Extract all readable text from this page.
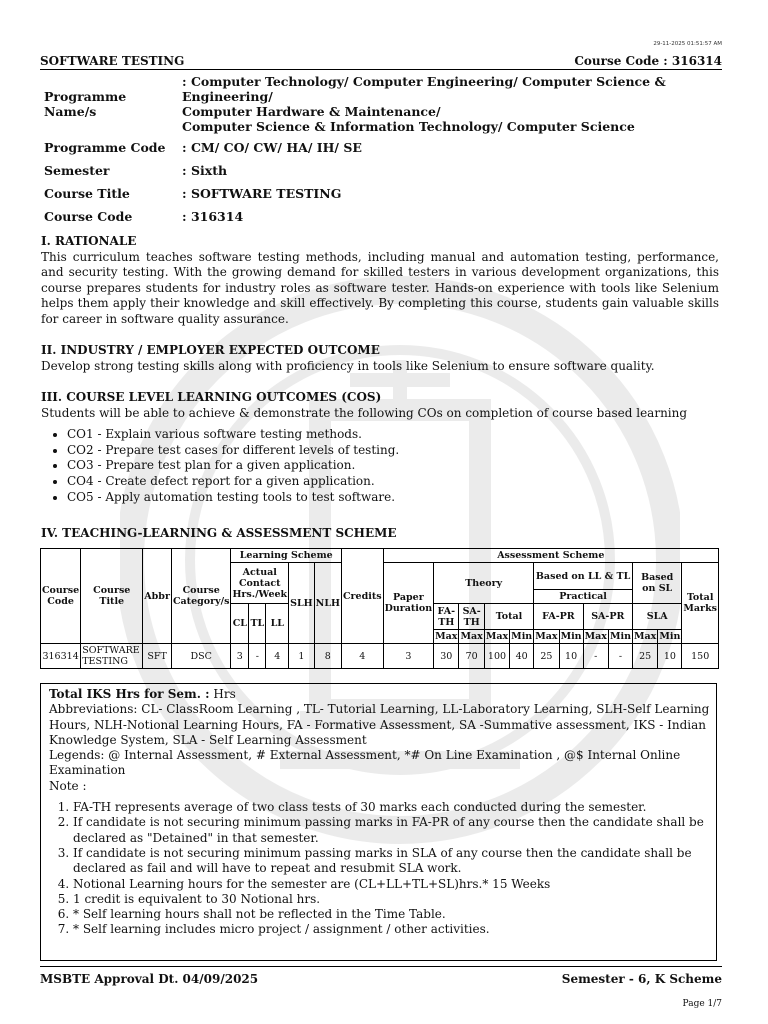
29-11-2025 01:51:57 AM
SOFTWARE TESTING	Course Code : 316314
Programme Name/s	: Computer Technology/ Computer Engineering/ Computer Science & Engineering/
Computer Hardware & Maintenance/
Computer Science & Information Technology/ Computer Science

Programme Code	: CM/ CO/ CW/ HA/ IH/ SE
Semester	: Sixth
Course Title	: SOFTWARE TESTING
Course Code	: 316314
I. RATIONALE

This curriculum teaches software testing methods, including manual and automation testing, performance, and security testing. With the growing demand for skilled testers in various development organizations, this course prepares students for industry roles as software tester. Hands-on experience with tools like Selenium helps them apply their knowledge and skill effectively. By completing this course, students gain valuable skills for career in software quality assurance.

II. INDUSTRY / EMPLOYER EXPECTED OUTCOME

Develop strong testing skills along with proficiency in tools like Selenium to ensure software quality.

III. COURSE LEVEL LEARNING OUTCOMES (COS)

Students will be able to achieve & demonstrate the following COs on completion of course based learning

• CO1 - Explain various software testing methods.
• CO2 - Prepare test cases for different levels of testing.
• CO3 - Prepare test plan for a given application.
• CO4 - Create defect report for a given application.
• CO5 - Apply automation testing tools to test software.
IV. TEACHING-LEARNING & ASSESSMENT SCHEME
Course Code	Course Title	Abbr	Course Category/s	Learning Scheme					Credits	Assessment Scheme											
				Actual Contact Hrs./Week			SLH	NLH		Paper Duration	Theory				Based on LL & TL				Based on SL		Total Marks
															Practical						
				CL	TL	LL					FA-TH	SA-TH	Total		FA-PR		SA-PR		SLA		
											Max	Max	Max	Min	Max	Min	Max	Min	Max	Min	
316314	SOFTWARE TESTING	SFT	DSC	3	-	4	1	8	4	3	30	70	100	40	25	10	-	-	25	10	150
Total IKS Hrs for Sem. : Hrs
Abbreviations: CL- ClassRoom Learning , TL- Tutorial Learning, LL-Laboratory Learning, SLH-Self Learning Hours, NLH-Notional Learning Hours, FA - Formative Assessment, SA -Summative assessment, IKS - Indian Knowledge System, SLA - Self Learning Assessment
Legends: @ Internal Assessment, # External Assessment, *# On Line Examination , @$ Internal Online Examination
Note :
1. FA-TH represents average of two class tests of 30 marks each conducted during the semester.
2. If candidate is not securing minimum passing marks in FA-PR of any course then the candidate shall be declared as "Detained" in that semester.
3. If candidate is not securing minimum passing marks in SLA of any course then the candidate shall be declared as fail and will have to repeat and resubmit SLA work.
4. Notional Learning hours for the semester are (CL+LL+TL+SL)hrs.* 15 Weeks
5. 1 credit is equivalent to 30 Notional hrs.
6. * Self learning hours shall not be reflected in the Time Table.
7. * Self learning includes micro project / assignment / other activities.
MSBTE Approval Dt. 04/09/2025	Semester - 6, K Scheme
Page 1/7
